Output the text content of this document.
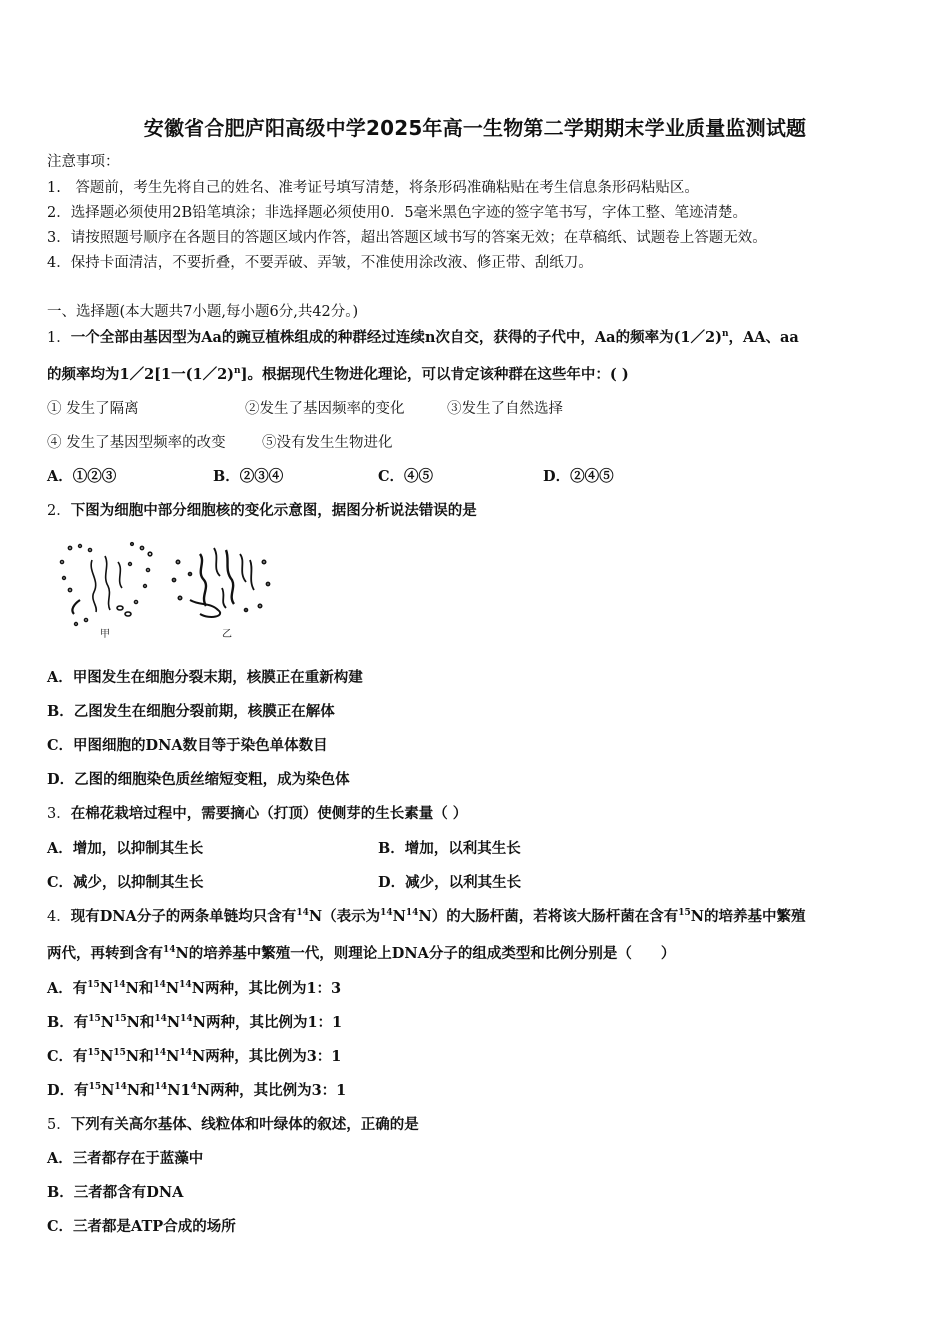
安徽省合肥庐阳高级中学2025年高一生物第二学期期末学业质量监测试题
注意事项：
1.　答题前，考生先将自己的姓名、准考证号填写清楚，将条形码准确粘贴在考生信息条形码粘贴区。
2．选择题必须使用2B铅笔填涂；非选择题必须使用0．5毫米黑色字迹的签字笔书写，字体工整、笔迹清楚。
3．请按照题号顺序在各题目的答题区域内作答，超出答题区域书写的答案无效；在草稿纸、试题卷上答题无效。
4．保持卡面清洁，不要折叠，不要弄破、弄皱，不准使用涂改液、修正带、刮纸刀。
一、选择题(本大题共7小题,每小题6分,共42分。)
1．一个全部由基因型为Aa的豌豆植株组成的种群经过连续n次自交，获得的子代中，Aa的频率为(1／2)$^n$，AA、aa
的频率均为1／2[1一(1／2)$^n$]。根据现代生物进化理论，可以肯定该种群在这些年中：( )
① 发生了隔离	②发生了基因频率的变化	③发生了自然选择
④ 发生了基因型频率的改变	⑤没有发生生物进化
A．①②③	B．②③④	C．④⑤	D．②④⑤
2．下图为细胞中部分细胞核的变化示意图，据图分析说法错误的是
甲	乙
A．甲图发生在细胞分裂末期，核膜正在重新构建
B．乙图发生在细胞分裂前期，核膜正在解体
C．甲图细胞的DNA数目等于染色单体数目
D．乙图的细胞染色质丝缩短变粗，成为染色体
3．在棉花栽培过程中，需要摘心（打顶）使侧芽的生长素量（ ）
A．增加，以抑制其生长	B．增加，以利其生长
C．减少，以抑制其生长	D．减少，以利其生长
4．现有DNA分子的两条单链均只含有$^{14}$N（表示为$^{14}N^{14}N$）的大肠杆菌，若将该大肠杆菌在含有$^{15}$N的培养基中繁殖
两代，再转到含有$^{14}$N的培养基中繁殖一代，则理论上DNA分子的组成类型和比例分别是（　　）
A．有$^{15}N^{14}N$和$^{14}N^{14}N$两种，其比例为1：3
B．有$^{15}N^{15}N$和$^{14}N^{14}N$两种，其比例为1：1
C．有$^{15}N^{15}N$和$^{14}N^{14}N$两种，其比例为3：1
D．有$^{15}N^{14}N$和$^{14}N1^4N$两种，其比例为3：1
5．下列有关高尔基体、线粒体和叶绿体的叙述，正确的是
A．三者都存在于蓝藻中
B．三者都含有DNA
C．三者都是ATP合成的场所
